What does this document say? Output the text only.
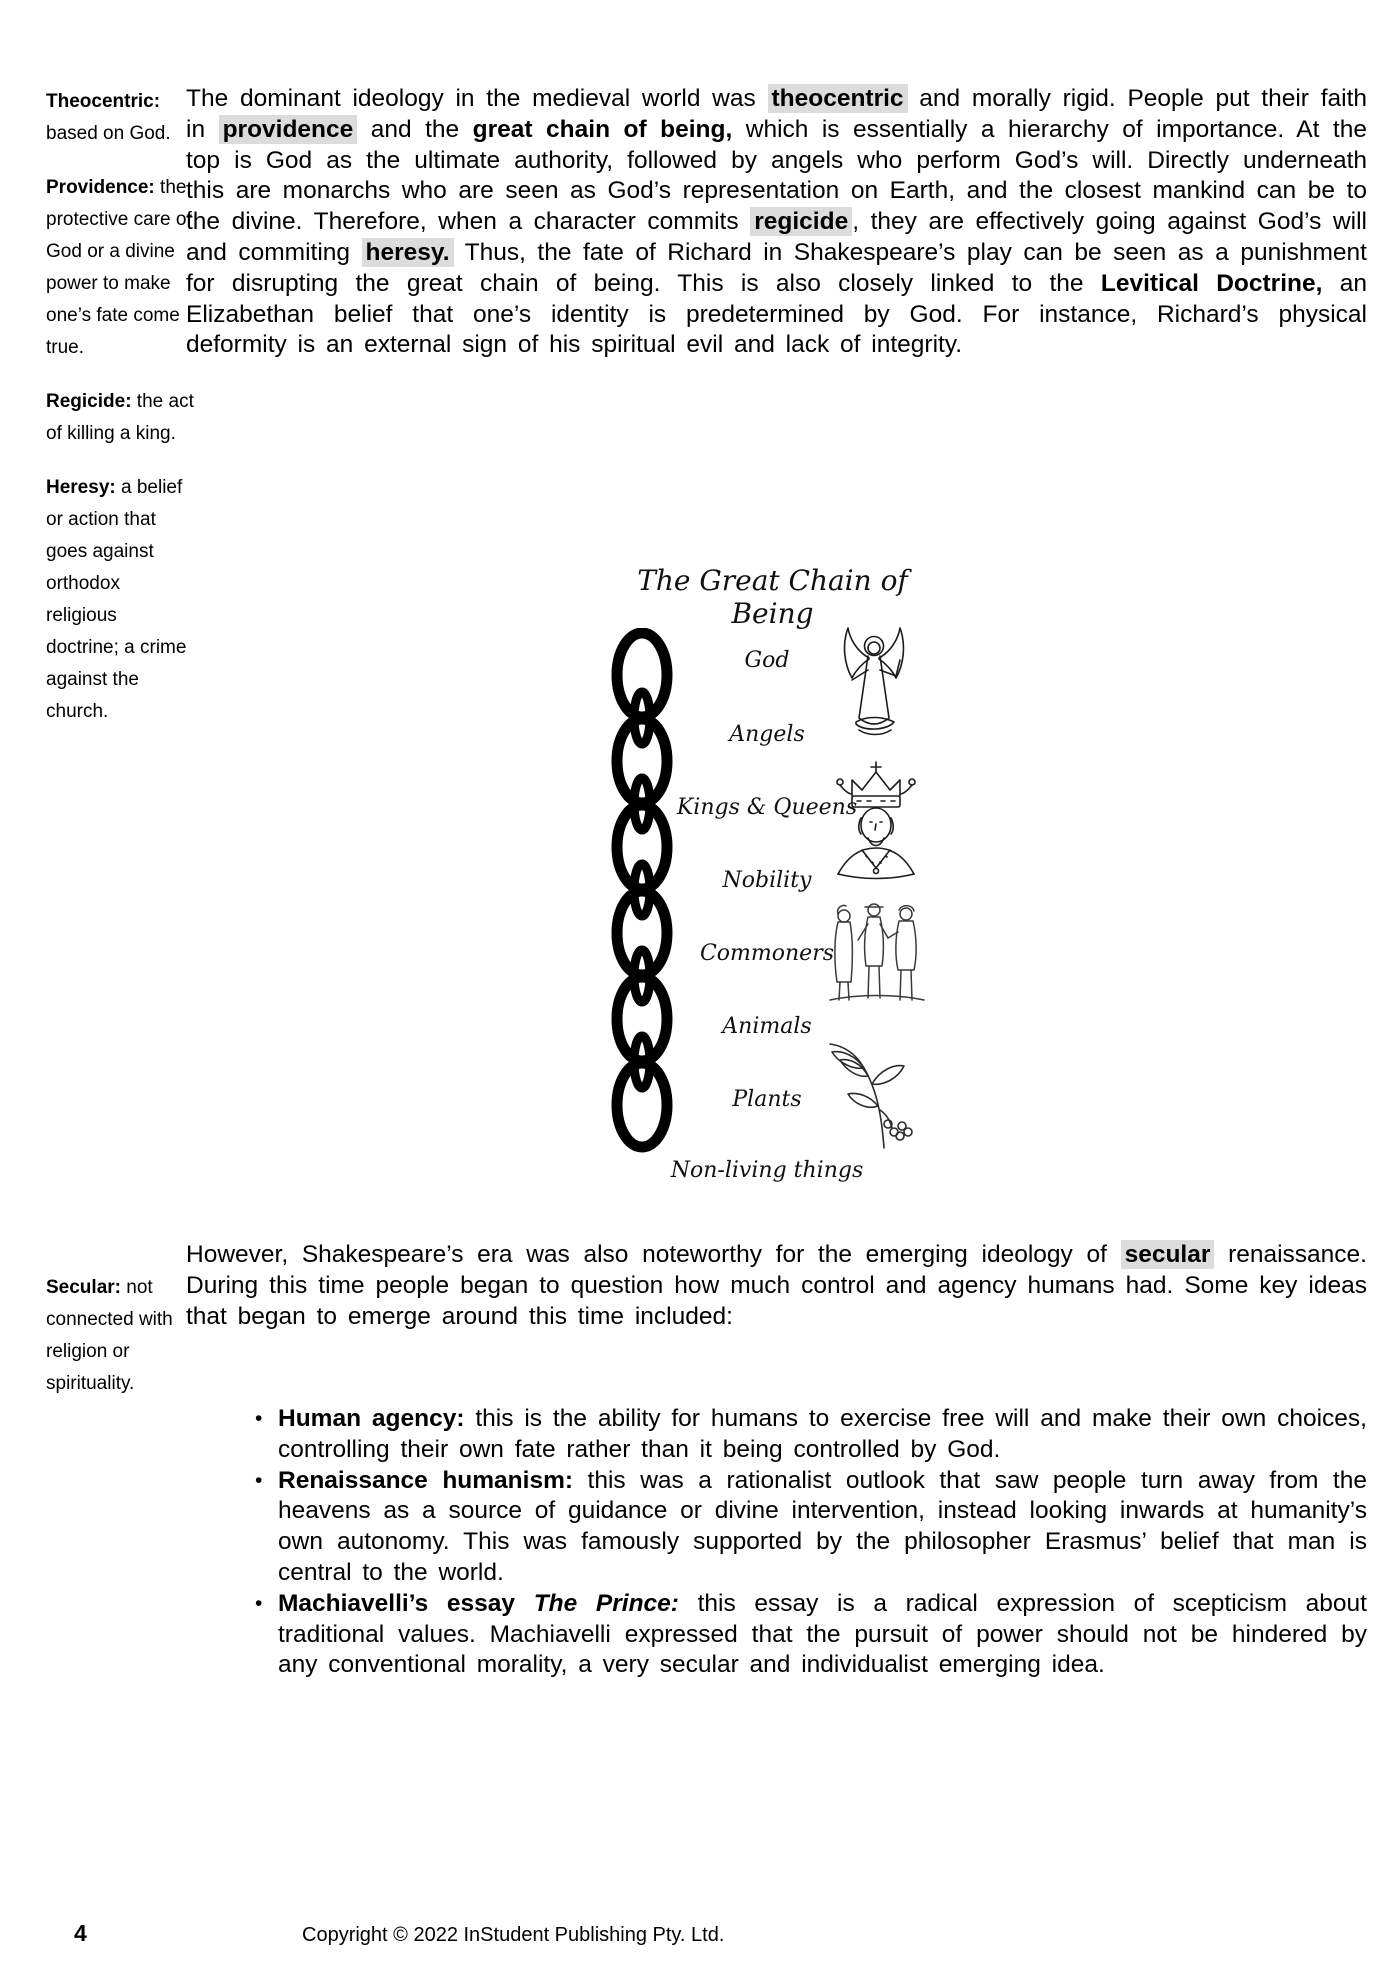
Theocentric: based on God.
Providence: the protective care of God or a divine power to make one’s fate come true.
Regicide: the act of killing a king.
Heresy: a belief or action that goes against orthodox religious doctrine; a crime against the church.
Secular: not connected with religion or spirituality.

The dominant ideology in the medieval world was theocentric and morally rigid. People put their faith in providence and the great chain of being, which is essentially a hierarchy of importance. At the top is God as the ultimate authority, followed by angels who perform God’s will. Directly underneath this are monarchs who are seen as God’s representation on Earth, and the closest mankind can be to the divine. Therefore, when a character commits regicide , they are effectively going against God’s will and commiting heresy. Thus, the fate of Richard in Shakespeare’s play can be seen as a punishment for disrupting the great chain of being. This is also closely linked to the Levitical Doctrine, an Elizabethan belief that one’s identity is predetermined by God. For instance, Richard’s physical deformity is an external sign of his spiritual evil and lack of integrity.

The Great Chain of Being
God
Angels
Kings & Queens
Nobility
Commoners
Animals
Plants
Non-living things

However, Shakespeare’s era was also noteworthy for the emerging ideology of secular renaissance. During this time people began to question how much control and agency humans had. Some key ideas that began to emerge around this time included:

• Human agency: this is the ability for humans to exercise free will and make their own choices, controlling their own fate rather than it being controlled by God.
• Renaissance humanism: this was a rationalist outlook that saw people turn away from the heavens as a source of guidance or divine intervention, instead looking inwards at humanity’s own autonomy. This was famously supported by the philosopher Erasmus’ belief that man is central to the world.
• Machiavelli’s essay The Prince: this essay is a radical expression of scepticism about traditional values. Machiavelli expressed that the pursuit of power should not be hindered by any conventional morality, a very secular and individualist emerging idea.
4	Copyright © 2022 InStudent Publishing Pty. Ltd.
